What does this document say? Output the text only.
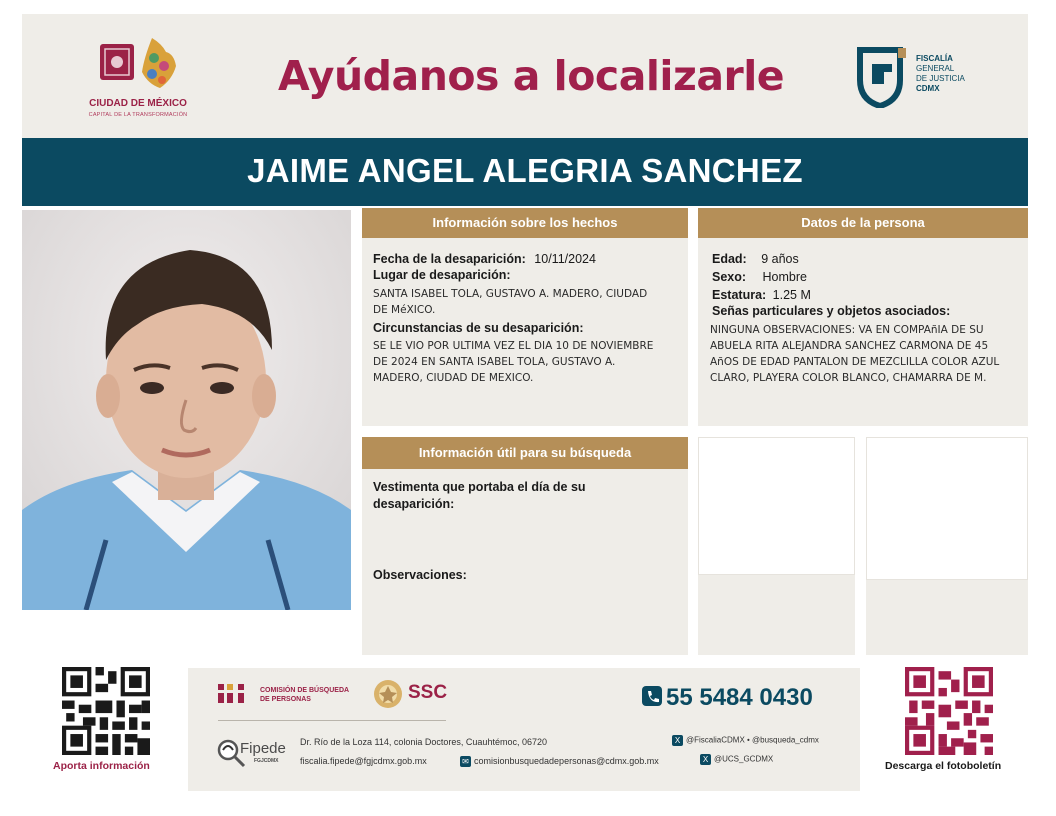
CIUDAD DE MÉXICO
CAPITAL DE LA TRANSFORMACIÓN
Ayúdanos a localizarle	FISCALÍA
GENERAL
DE JUSTICIA
CDMX
JAIME ANGEL ALEGRIA SANCHEZ
Información sobre los hechos
Fecha de la desaparición: 10/11/2024
Lugar de desaparición:
SANTA ISABEL TOLA, GUSTAVO A. MADERO, CIUDAD DE MéXICO.
Circunstancias de su desaparición:
SE LE VIO POR ULTIMA VEZ EL DIA 10 DE NOVIEMBRE DE 2024 EN SANTA ISABEL TOLA, GUSTAVO A. MADERO, CIUDAD DE MEXICO.
Datos de la persona
Edad: 9 años
Sexo: Hombre
Estatura: 1.25 M
Señas particulares y objetos asociados:
NINGUNA OBSERVACIONES: VA EN COMPAñIA DE SU ABUELA RITA ALEJANDRA SANCHEZ CARMONA DE 45 AñOS DE EDAD PANTALON DE MEZCLILLA COLOR AZUL CLARO, PLAYERA COLOR BLANCO, CHAMARRA DE M.
Información útil para su búsqueda
Vestimenta que portaba el día de su desaparición:
Observaciones:
Aporta información
COMISIÓN DE BÚSQUEDA
DE PERSONAS	SSC	55 5484 0430
Fipede
FGJCDMX
Dr. Río de la Loza 114, colonia Doctores, Cuauhtémoc, 06720
fiscalia.fipede@fgjcdmx.gob.mx	✉ comisionbusquedadepersonas@cdmx.gob.mx
X @FiscaliaCDMX • @busqueda_cdmx
X @UCS_GCDMX
Descarga el fotoboletín
